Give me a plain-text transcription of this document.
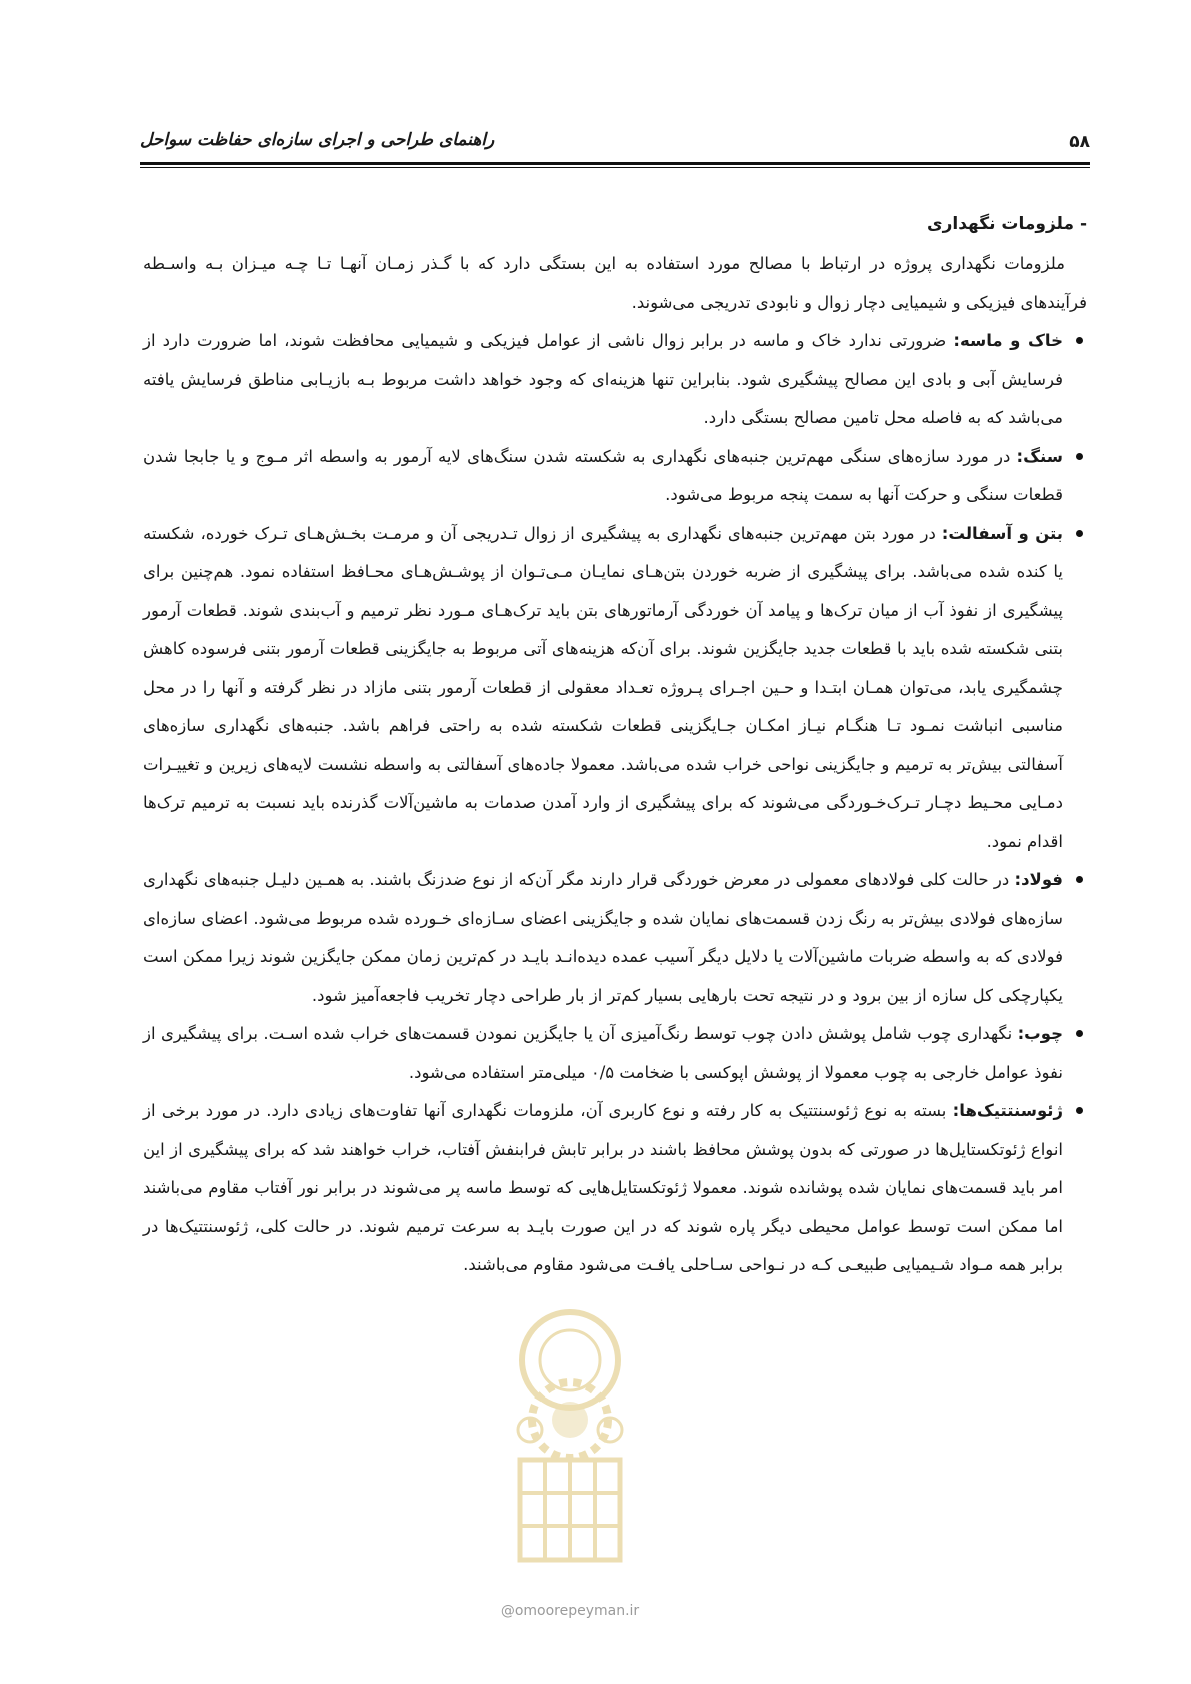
۵۸
راهنمای طراحی و اجرای سازه‌ای حفاظت سواحل
- ملزومات نگهداری

ملزومات نگهداری پروژه در ارتباط با مصالح مورد استفاده به این بستگی دارد که با گـذر زمـان آنهـا تـا چـه میـزان بـه واسـطه فرآیندهای فیزیکی و شیمیایی دچار زوال و نابودی تدریجی می‌شوند.

خاک و ماسه: ضرورتی ندارد خاک و ماسه در برابر زوال ناشی از عوامل فیزیکی و شیمیایی محافظت شوند، اما ضرورت دارد از فرسایش آبی و بادی این مصالح پیشگیری شود. بنابراین تنها هزینه‌ای که وجود خواهد داشت مربوط بـه بازیـابی مناطق فرسایش یافته می‌باشد که به فاصله محل تامین مصالح بستگی دارد.
سنگ: در مورد سازه‌های سنگی مهم‌ترین جنبه‌های نگهداری به شکسته شدن سنگ‌های لایه آرمور به واسطه اثر مـوج و یا جابجا شدن قطعات سنگی و حرکت آنها به سمت پنجه مربوط می‌شود.
بتن و آسفالت: در مورد بتن مهم‌ترین جنبه‌های نگهداری به پیشگیری از زوال تـدریجی آن و مرمـت بخـش‌هـای تـرک خورده، شکسته یا کنده شده می‌باشد. برای پیشگیری از ضربه خوردن بتن‌هـای نمایـان مـی‌تـوان از پوشـش‌هـای محـافظ استفاده نمود. هم‌چنین برای پیشگیری از نفوذ آب از میان ترک‌ها و پیامد آن خوردگی آرماتورهای بتن باید ترک‌هـای مـورد نظر ترمیم و آب‌بندی شوند. قطعات آرمور بتنی شکسته شده باید با قطعات جدید جایگزین شوند. برای آن‌که هزینه‌های آتی مربوط به جایگزینی قطعات آرمور بتنی فرسوده کاهش چشمگیری یابد، می‌توان همـان ابتـدا و حـین اجـرای پـروژه تعـداد معقولی از قطعات آرمور بتنی مازاد در نظر گرفته و آنها را در محل مناسبی انباشت نمـود تـا هنگـام نیـاز امکـان جـایگزینی قطعات شکسته شده به راحتی فراهم باشد. جنبه‌های نگهداری سازه‌های آسفالتی بیش‌تر به ترمیم و جایگزینی نواحی خراب شده می‌باشد. معمولا جاده‌های آسفالتی به واسطه نشست لایه‌های زیرین و تغییـرات دمـایی محـیط دچـار تـرک‌خـوردگی می‌شوند که برای پیشگیری از وارد آمدن صدمات به ماشین‌آلات گذرنده باید نسبت به ترمیم ترک‌ها اقدام نمود.
فولاد: در حالت کلی فولادهای معمولی در معرض خوردگی قرار دارند مگر آن‌که از نوع ضدزنگ باشند. به همـین دلیـل جنبه‌های نگهداری سازه‌های فولادی بیش‌تر به رنگ زدن قسمت‌های نمایان شده و جایگزینی اعضای سـازه‌ای خـورده شده مربوط می‌شود. اعضای سازه‌ای فولادی که به واسطه ضربات ماشین‌آلات یا دلایل دیگر آسیب عمده دیده‌انـد بایـد در کم‌ترین زمان ممکن جایگزین شوند زیرا ممکن است یکپارچکی کل سازه از بین برود و در نتیجه تحت بارهایی بسیار کم‌تر از بار طراحی دچار تخریب فاجعه‌آمیز شود.
چوب: نگهداری چوب شامل پوشش دادن چوب توسط رنگ‌آمیزی آن یا جایگزین نمودن قسمت‌های خراب شده اسـت. برای پیشگیری از نفوذ عوامل خارجی به چوب معمولا از پوشش اپوکسی با ضخامت ۰/۵ میلی‌متر استفاده می‌شود.
ژئوسنتتیک‌ها: بسته به نوع ژئوسنتتیک به کار رفته و نوع کاربری آن، ملزومات نگهداری آنها تفاوت‌های زیادی دارد. در مورد برخی از انواع ژئوتکستایل‌ها در صورتی که بدون پوشش محافظ باشند در برابر تابش فرابنفش آفتاب، خراب خواهند شد که برای پیشگیری از این امر باید قسمت‌های نمایان شده پوشانده شوند. معمولا ژئوتکستایل‌هایی که توسط ماسه پر می‌شوند در برابر نور آفتاب مقاوم می‌باشند اما ممکن است توسط عوامل محیطی دیگر پاره شوند که در این صورت بایـد به سرعت ترمیم شوند. در حالت کلی، ژئوسنتتیک‌ها در برابر همه مـواد شـیمیایی طبیعـی کـه در نـواحی سـاحلی یافـت می‌شود مقاوم می‌باشند.
@omoorepeyman.ir
